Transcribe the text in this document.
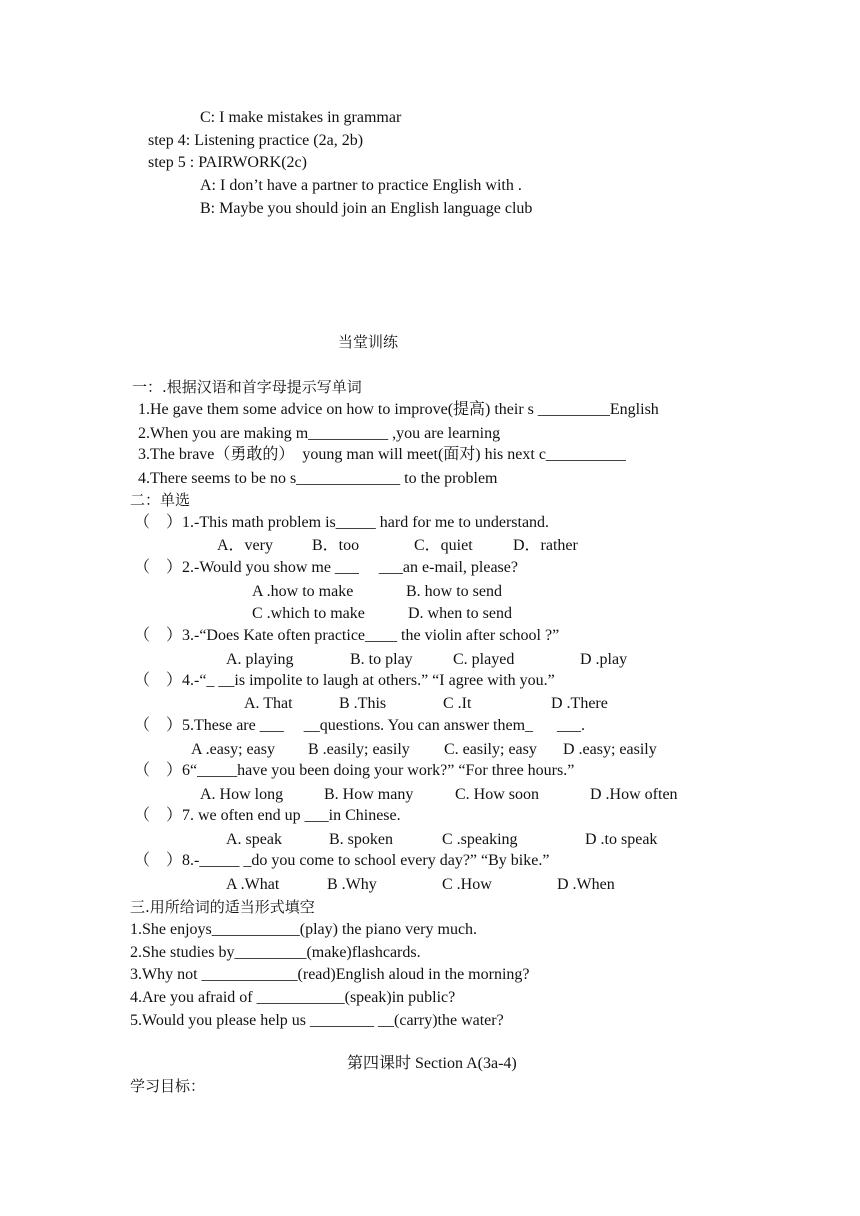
C: I make mistakes in grammar
step 4: Listening practice (2a, 2b)
step 5 : PAIRWORK(2c)
A: I don’t have a partner to practice English with .
B: Maybe you should join an English language club
当堂训练
一：.根据汉语和首字母提示写单词
1.He gave them some advice on how to improve(提高) their s _________English
2.When you are making m__________ ,you are learning
3.The brave（勇敢的）  young man will meet(面对) his next c__________
4.There seems to be no s_____________ to the problem
二：单选
（    ）1.-This math problem is_____ hard for me to understand.
A．very B．too	C．quiet	D．rather
（    ）2.-Would you show me ___     ___an e-mail, please?
A .how to make	B. how to send
C .which to make	D. when to send
（    ）3.-“Does Kate often practice____ the violin after school ?”
A. playing	B. to play	C. played	D .play
（    ）4.-“_ __is impolite to laugh at others.” “I agree with you.”
A. That	B .This	C .It	D .There
（    ）5.These are ___     __questions. You can answer them_      ___.
A .easy; easy B .easily; easily C. easily; easy D .easy; easily
（    ）6“_____have you been doing your work?” “For three hours.”
A. How long	B. How many	C. How soon	D .How often
（    ）7. we often end up ___in Chinese.
A. speak	B. spoken	C .speaking	D .to speak
（    ）8.-_____ _do you come to school every day?” “By bike.”
A .What	B .Why	C .How	D .When
三.用所给词的适当形式填空
1.She enjoys___________(play) the piano very much.
2.She studies by_________(make)flashcards.
3.Why not ____________(read)English aloud in the morning?
4.Are you afraid of ___________(speak)in public?
5.Would you please help us ________ __(carry)the water?
第四课时 Section A(3a-4)
学习目标：
